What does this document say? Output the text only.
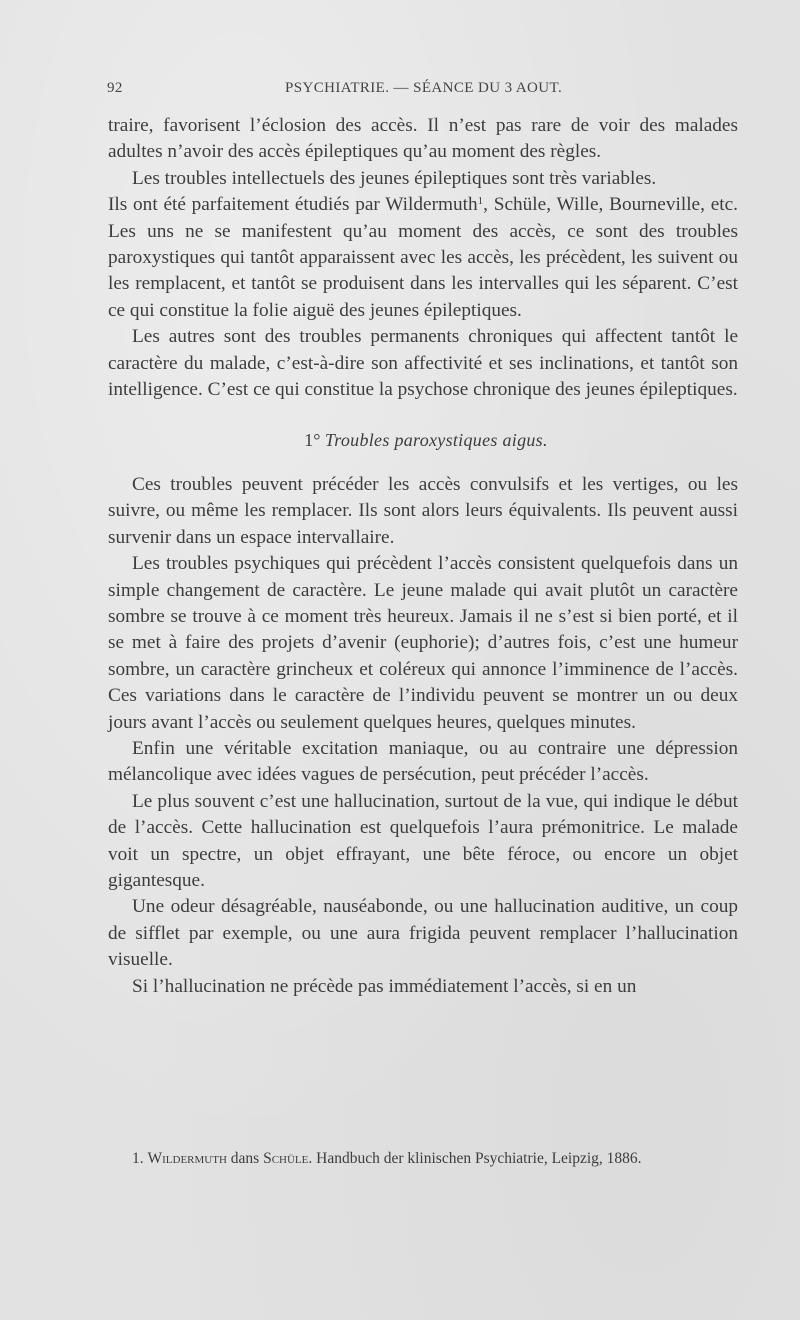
92	PSYCHIATRIE. — SÉANCE DU 3 AOUT.

traire, favorisent l’éclosion des accès. Il n’est pas rare de voir des malades adultes n’avoir des accès épileptiques qu’au moment des règles.

Les troubles intellectuels des jeunes épileptiques sont très variables.

Ils ont été parfaitement étudiés par Wildermuth$^1$, Schüle, Wille, Bourneville, etc. Les uns ne se manifestent qu’au moment des accès, ce sont des troubles paroxystiques qui tantôt apparaissent avec les accès, les précèdent, les suivent ou les remplacent, et tantôt se produisent dans les intervalles qui les séparent. C’est ce qui constitue la folie aiguë des jeunes épileptiques.

Les autres sont des troubles permanents chroniques qui affectent tantôt le caractère du malade, c’est-à-dire son affectivité et ses inclinations, et tantôt son intelligence. C’est ce qui constitue la psychose chronique des jeunes épileptiques.

1° Troubles paroxystiques aigus.

Ces troubles peuvent précéder les accès convulsifs et les vertiges, ou les suivre, ou même les remplacer. Ils sont alors leurs équivalents. Ils peuvent aussi survenir dans un espace intervallaire.

Les troubles psychiques qui précèdent l’accès consistent quelquefois dans un simple changement de caractère. Le jeune malade qui avait plutôt un caractère sombre se trouve à ce moment très heureux. Jamais il ne s’est si bien porté, et il se met à faire des projets d’avenir (euphorie); d’autres fois, c’est une humeur sombre, un caractère grincheux et coléreux qui annonce l’imminence de l’accès. Ces variations dans le caractère de l’individu peuvent se montrer un ou deux jours avant l’accès ou seulement quelques heures, quelques minutes.

Enfin une véritable excitation maniaque, ou au contraire une dépression mélancolique avec idées vagues de persécution, peut précéder l’accès.

Le plus souvent c’est une hallucination, surtout de la vue, qui indique le début de l’accès. Cette hallucination est quelquefois l’aura prémonitrice. Le malade voit un spectre, un objet effrayant, une bête féroce, ou encore un objet gigantesque.

Une odeur désagréable, nauséabonde, ou une hallucination auditive, un coup de sifflet par exemple, ou une aura frigida peuvent remplacer l’hallucination visuelle.

Si l’hallucination ne précède pas immédiatement l’accès, si en un

1. Wildermuth dans Schüle. Handbuch der klinischen Psychiatrie, Leipzig, 1886.
